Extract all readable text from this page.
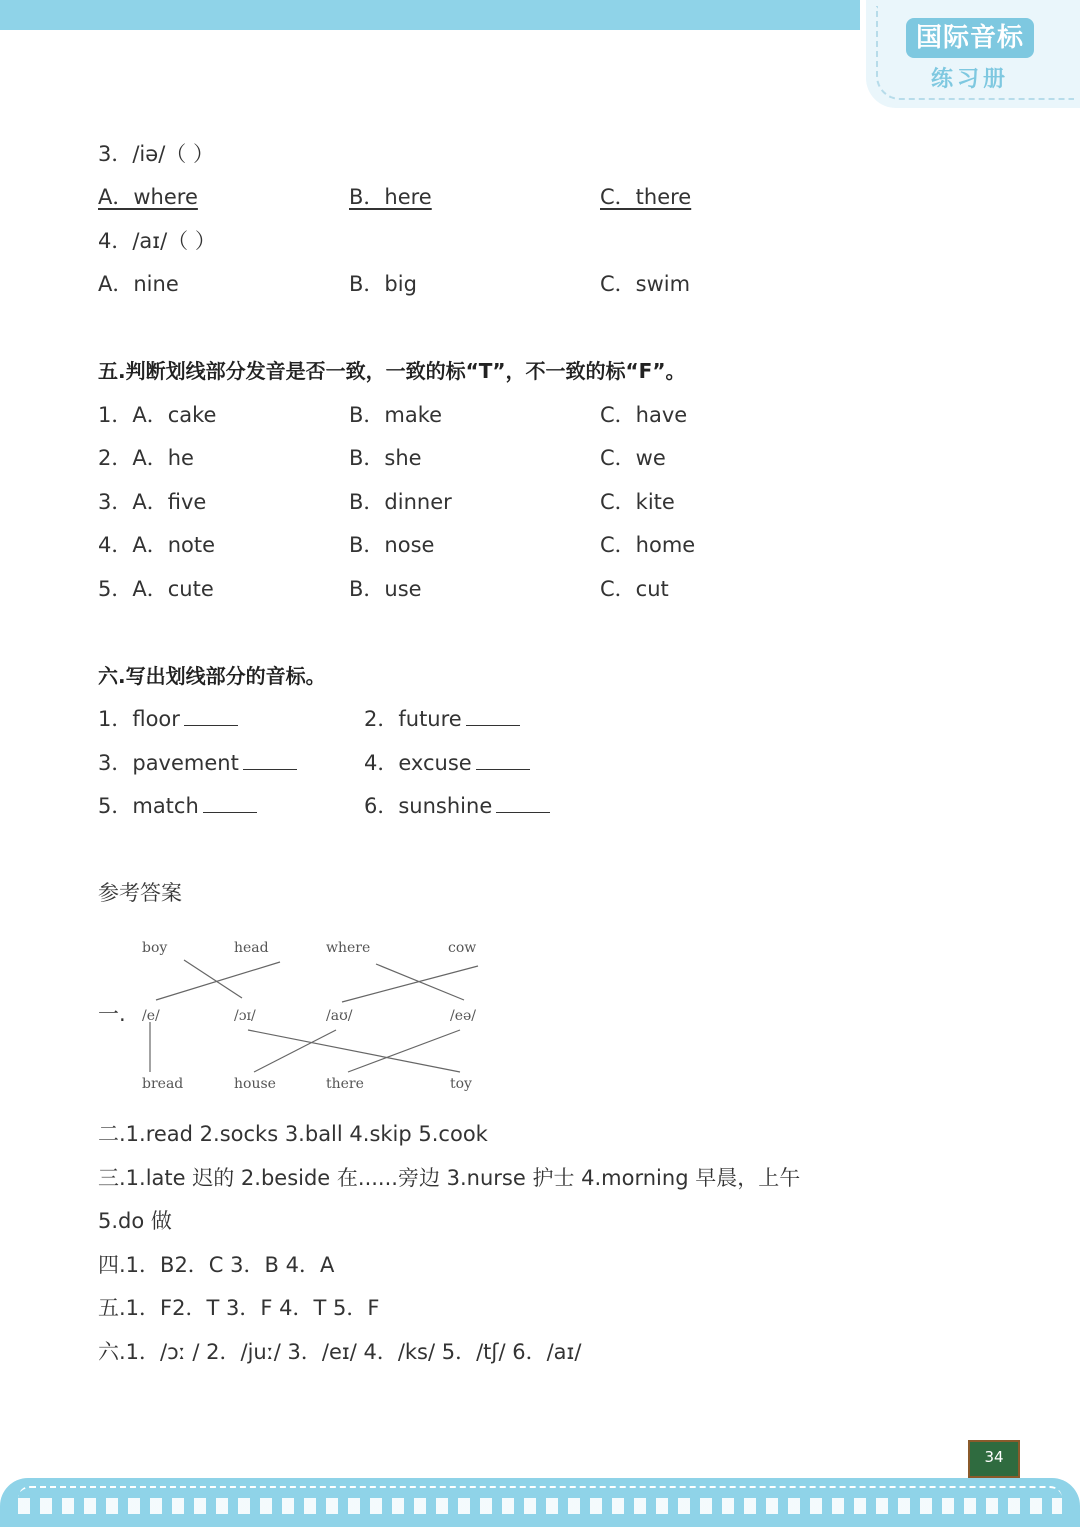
国际音标
练习册
3．/iə/（ ）
A．where	B．here	C．there
4．/aɪ/（ ）
A．nine	B．big	C．swim
五.判断划线部分发音是否一致，一致的标“T”，不一致的标“F”。
1．A．cake	B．make	C．have
2．A．he	B．she	C．we
3．A．five	B．dinner	C．kite
4．A．note	B．nose	C．home
5．A．cute	B．use	C．cut
六.写出划线部分的音标。
1．floor	2．future
3．pavement	4．excuse
5．match	6．sunshine
参考答案
一.
boy	head	where	cow
/e/	/ɔɪ/	/aʊ/	/eə/
bread	house	there	toy
二.1.read 2.socks 3.ball 4.skip 5.cook
三.1.late 迟的 2.beside 在......旁边 3.nurse 护士 4.morning 早晨，上午
5.do 做
四.1．B2．C 3．B 4．A
五.1．F2．T 3．F 4．T 5．F
六.1．/ɔː / 2．/juː/ 3．/eɪ/ 4．/ks/ 5．/tʃ/ 6．/aɪ/
34
